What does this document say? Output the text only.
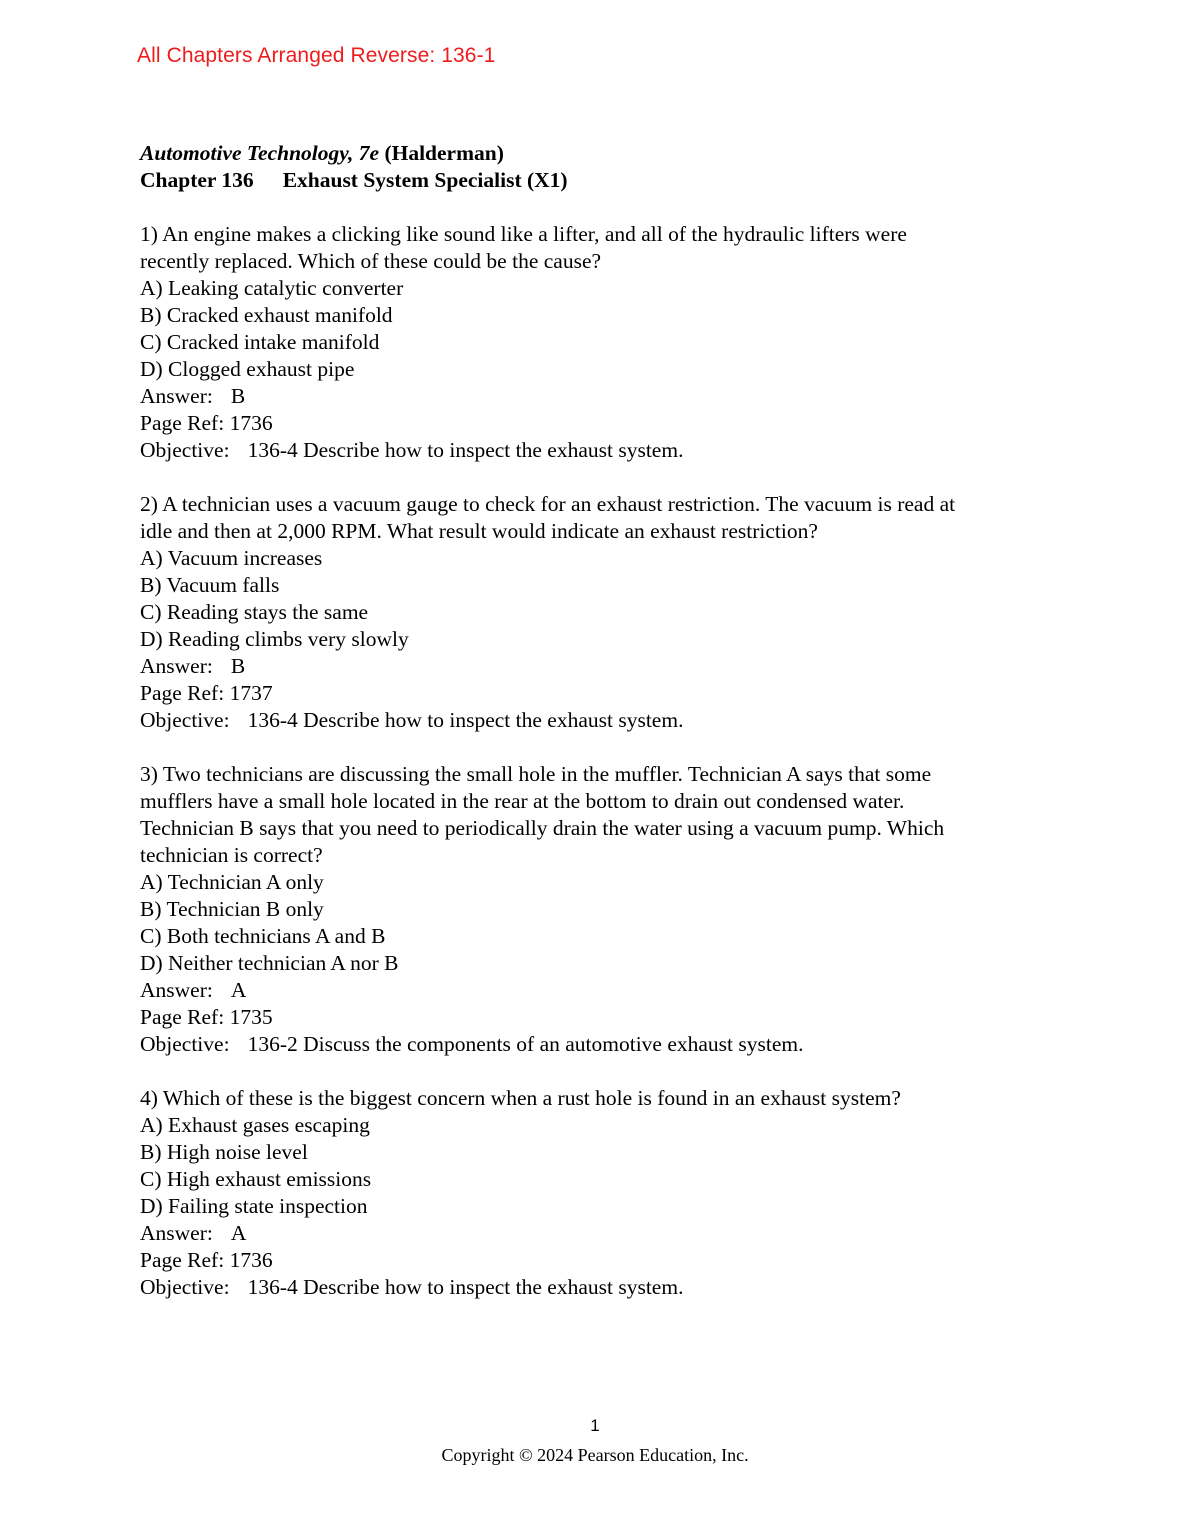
All Chapters Arranged Reverse: 136-1
Automotive Technology, 7e (Halderman)
Chapter 136 Exhaust System Specialist (X1)
1) An engine makes a clicking like sound like a lifter, and all of the hydraulic lifters were
recently replaced. Which of these could be the cause?
A) Leaking catalytic converter
B) Cracked exhaust manifold
C) Cracked intake manifold
D) Clogged exhaust pipe
Answer: B
Page Ref: 1736
Objective: 136-4 Describe how to inspect the exhaust system.
2) A technician uses a vacuum gauge to check for an exhaust restriction. The vacuum is read at
idle and then at 2,000 RPM. What result would indicate an exhaust restriction?
A) Vacuum increases
B) Vacuum falls
C) Reading stays the same
D) Reading climbs very slowly
Answer: B
Page Ref: 1737
Objective: 136-4 Describe how to inspect the exhaust system.
3) Two technicians are discussing the small hole in the muffler. Technician A says that some
mufflers have a small hole located in the rear at the bottom to drain out condensed water.
Technician B says that you need to periodically drain the water using a vacuum pump. Which
technician is correct?
A) Technician A only
B) Technician B only
C) Both technicians A and B
D) Neither technician A nor B
Answer: A
Page Ref: 1735
Objective: 136-2 Discuss the components of an automotive exhaust system.
4) Which of these is the biggest concern when a rust hole is found in an exhaust system?
A) Exhaust gases escaping
B) High noise level
C) High exhaust emissions
D) Failing state inspection
Answer: A
Page Ref: 1736
Objective: 136-4 Describe how to inspect the exhaust system.
1
Copyright © 2024 Pearson Education, Inc.
